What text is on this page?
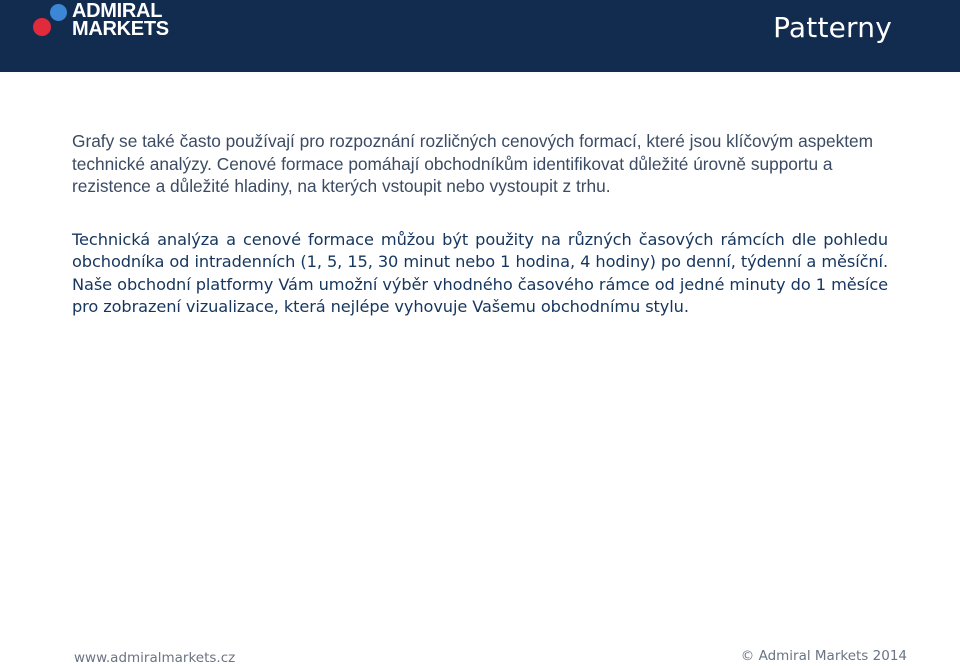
ADMIRAL
MARKETS	Patterny

Grafy se také často používají pro rozpoznání rozličných cenových formací, které jsou klíčovým aspektem technické analýzy. Cenové formace pomáhají obchodníkům identifikovat důležité úrovně supportu a rezistence a důležité hladiny, na kterých vstoupit nebo vystoupit z trhu.

Technická analýza a cenové formace můžou být použity na různých časových rámcích dle pohledu obchodníka od intradenních (1, 5, 15, 30 minut nebo 1 hodina, 4 hodiny) po denní, týdenní a měsíční. Naše obchodní platformy Vám umožní výběr vhodného časového rámce od jedné minuty do 1 měsíce pro zobrazení vizualizace, která nejlépe vyhovuje Vašemu obchodnímu stylu.

www.admiralmarkets.cz	© Admiral Markets 2014
